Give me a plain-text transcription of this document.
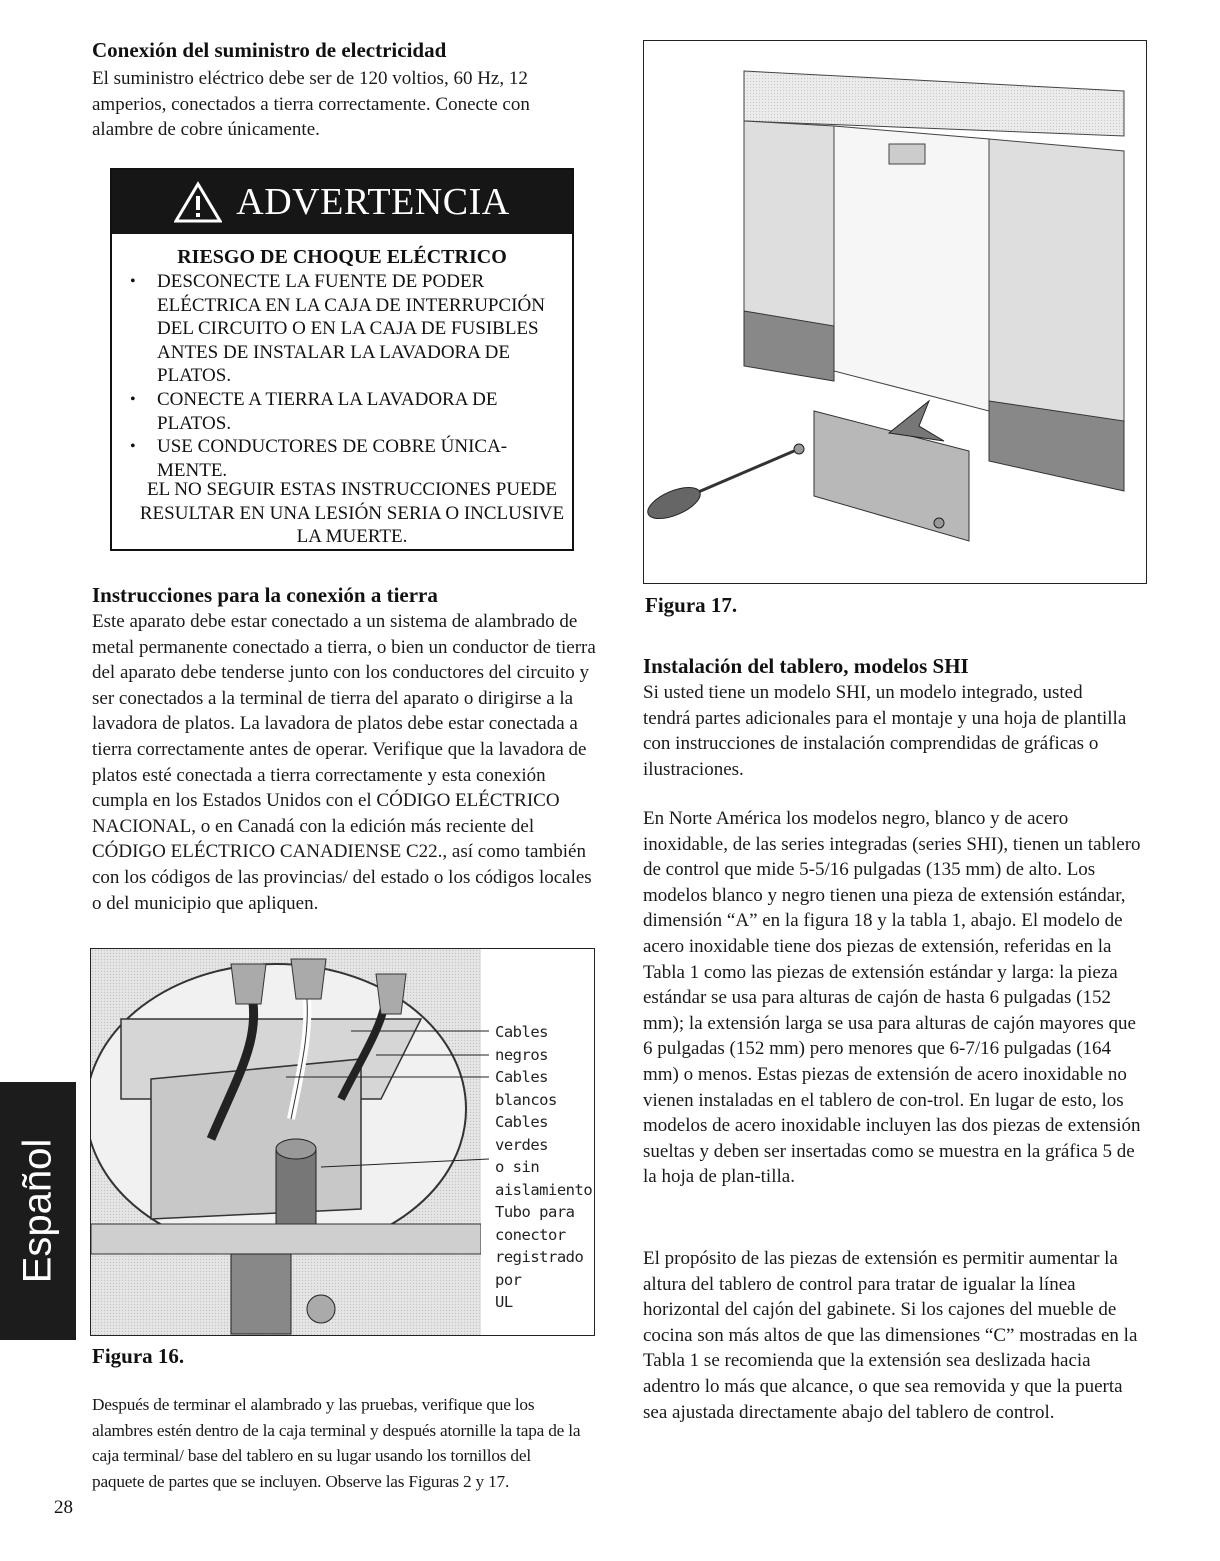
Conexión del suministro de electricidad

El suministro eléctrico debe ser de 120 voltios, 60 Hz, 12 amperios, conectados a tierra correctamente. Conecte con alambre de cobre únicamente.

ADVERTENCIA
RIESGO DE CHOQUE ELÉCTRICO
• DESCONECTE LA FUENTE DE PODER ELÉCTRICA EN LA CAJA DE INTERRUPCIÓN DEL CIRCUITO O EN LA CAJA DE FUSIBLES ANTES DE INSTALAR LA LAVADORA DE PLATOS.
• CONECTE A TIERRA LA LAVADORA DE PLATOS.
• USE CONDUCTORES DE COBRE ÚNICA-MENTE.
EL NO SEGUIR ESTAS INSTRUCCIONES PUEDE RESULTAR EN UNA LESIÓN SERIA O INCLUSIVE LA MUERTE.
Instrucciones para la conexión a tierra

Este aparato debe estar conectado a un sistema de alambrado de metal permanente conectado a tierra, o bien un conductor de tierra del aparato debe tenderse junto con los conductores del circuito y ser conectados a la terminal de tierra del aparato o dirigirse a la lavadora de platos. La lavadora de platos debe estar conectada a tierra correctamente antes de operar. Verifique que la lavadora de platos esté conectada a tierra correctamente y esta conexión cumpla en los Estados Unidos con el CÓDIGO ELÉCTRICO NACIONAL, o en Canadá con la edición más reciente del CÓDIGO ELÉCTRICO CANADIENSE C22., así como también con los códigos de las provincias/ del estado o los códigos locales o del municipio que apliquen.

Cables negros
Cables blancos
Cables verdes
o sin
aislamiento
Tubo para
conector
registrado por
UL
Figura 16.

Después de terminar el alambrado y las pruebas, verifique que los alambres estén dentro de la caja terminal y después atornille la tapa de la caja terminal/ base del tablero en su lugar usando los tornillos del paquete de partes que se incluyen. Observe las Figuras 2 y 17.

Español
28
Figura 17.
Instalación del tablero, modelos SHI

Si usted tiene un modelo SHI, un modelo integrado, usted tendrá partes adicionales para el montaje y una hoja de plantilla con instrucciones de instalación comprendidas de gráficas o ilustraciones.

En Norte América los modelos negro, blanco y de acero inoxidable, de las series integradas (series SHI), tienen un tablero de control que mide 5-5/16 pulgadas (135 mm) de alto. Los modelos blanco y negro tienen una pieza de extensión estándar, dimensión “A” en la figura 18 y la tabla 1, abajo. El modelo de acero inoxidable tiene dos piezas de extensión, referidas en la Tabla 1 como las piezas de extensión estándar y larga: la pieza estándar se usa para alturas de cajón de hasta 6 pulgadas (152 mm); la extensión larga se usa para alturas de cajón mayores que 6 pulgadas (152 mm) pero menores que 6-7/16 pulgadas (164 mm) o menos. Estas piezas de extensión de acero inoxidable no vienen instaladas en el tablero de con-trol. En lugar de esto, los modelos de acero inoxidable incluyen las dos piezas de extensión sueltas y deben ser insertadas como se muestra en la gráfica 5 de la hoja de plan-tilla.

El propósito de las piezas de extensión es permitir aumentar la altura del tablero de control para tratar de igualar la línea horizontal del cajón del gabinete. Si los cajones del mueble de cocina son más altos de que las dimensiones “C” mostradas en la Tabla 1 se recomienda que la extensión sea deslizada hacia adentro lo más que alcance, o que sea removida y que la puerta sea ajustada directamente abajo del tablero de control.
